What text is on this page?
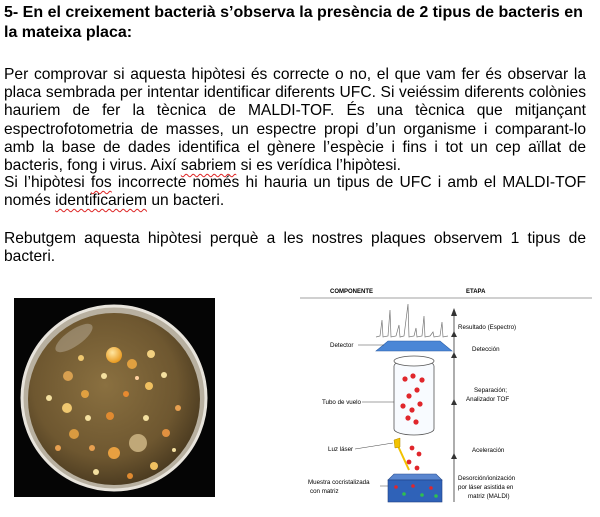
5- En el creixement bacterià s’observa la presència de 2 tipus de bacteris en la mateixa placa:
Per comprovar si aquesta hipòtesi és correcte o no, el que vam fer és observar la placa sembrada per intentar identificar diferents UFC. Si veiéssim diferents colònies hauriem de fer la tècnica de MALDI-TOF. És una tècnica que mitjançant espectrofotometria de masses, un espectre propi d’un organisme i comparant-lo amb la base de dades identifica el gènere l’espècie i fins i tot un cep aïllat de bacteris, fong i virus. Així sabriem si es verídica l’hipòtesi.
Si l’hipòtesi fos incorrecte només hi hauria un tipus de UFC i amb el MALDI-TOF només identificariem un bacteri.
Rebutgem aquesta hipòtesi perquè a les nostres plaques observem 1 tipus de bacteri.
COMPONENTE	ETAPA
Detector
Tubo de vuelo
Luz láser
Muestra cocristalizada
con matriz
Resultado (Espectro)
Detección
Separación;
Analizador TOF
Aceleración
Desorción/ionización
por láser asistida en
matriz (MALDI)
